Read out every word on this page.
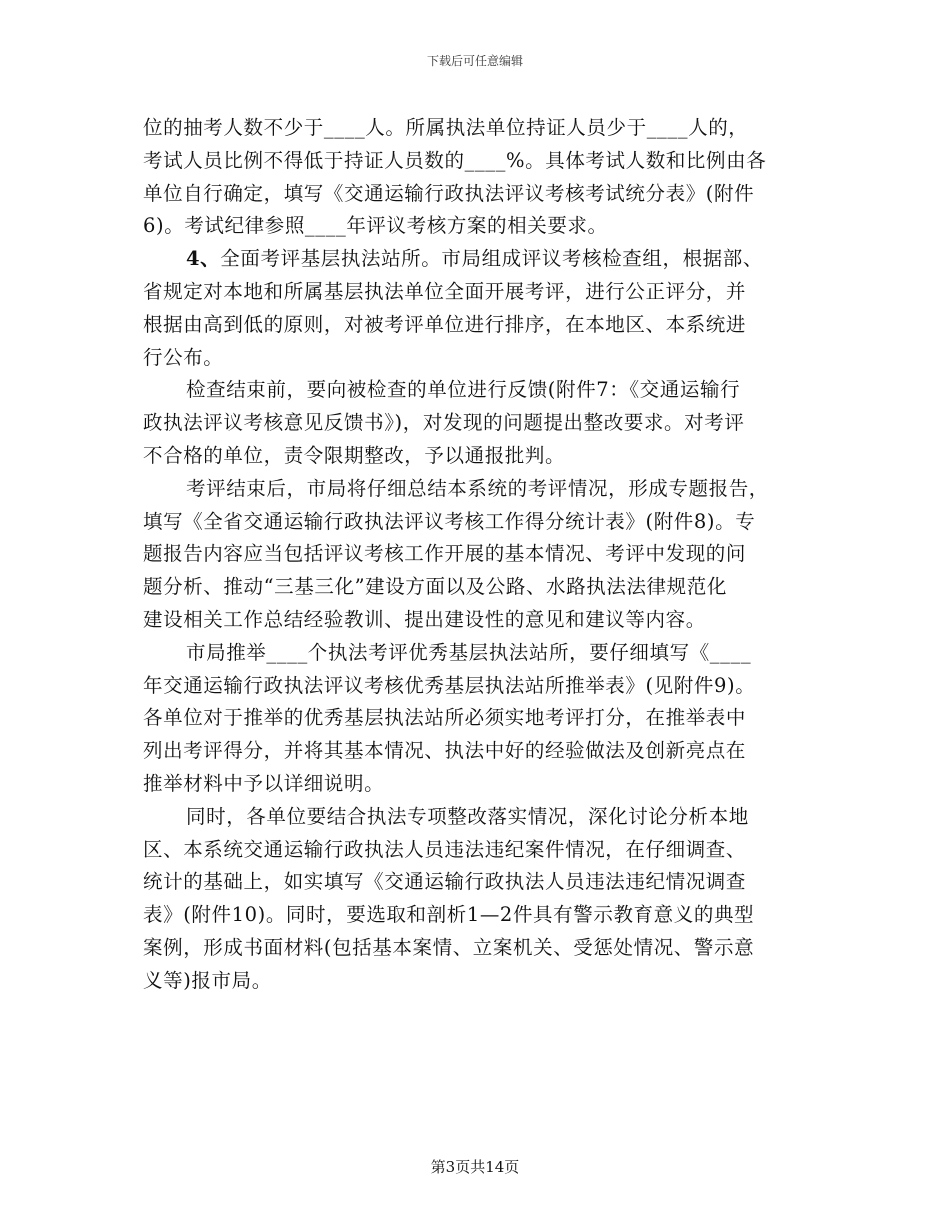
下载后可任意编辑
位的抽考人数不少于____人。所属执法单位持证人员少于____人的，
考试人员比例不得低于持证人员数的____%。具体考试人数和比例由各
单位自行确定，填写《交通运输行政执法评议考核考试统分表》(附件
6)。考试纪律参照____年评议考核方案的相关要求。
4、全面考评基层执法站所。市局组成评议考核检查组，根据部、
省规定对本地和所属基层执法单位全面开展考评，进行公正评分，并
根据由高到低的原则，对被考评单位进行排序，在本地区、本系统进
行公布。
检查结束前，要向被检查的单位进行反馈(附件7：《交通运输行
政执法评议考核意见反馈书》)，对发现的问题提出整改要求。对考评
不合格的单位，责令限期整改，予以通报批判。
考评结束后，市局将仔细总结本系统的考评情况，形成专题报告，
填写《全省交通运输行政执法评议考核工作得分统计表》(附件8)。专
题报告内容应当包括评议考核工作开展的基本情况、考评中发现的问
题分析、推动“三基三化”建设方面以及公路、水路执法法律规范化
建设相关工作总结经验教训、提出建设性的意见和建议等内容。
市局推举____个执法考评优秀基层执法站所，要仔细填写《____
年交通运输行政执法评议考核优秀基层执法站所推举表》(见附件9)。
各单位对于推举的优秀基层执法站所必须实地考评打分，在推举表中
列出考评得分，并将其基本情况、执法中好的经验做法及创新亮点在
推举材料中予以详细说明。
同时，各单位要结合执法专项整改落实情况，深化讨论分析本地
区、本系统交通运输行政执法人员违法违纪案件情况，在仔细调查、
统计的基础上，如实填写《交通运输行政执法人员违法违纪情况调查
表》(附件10)。同时，要选取和剖析1—2件具有警示教育意义的典型
案例，形成书面材料(包括基本案情、立案机关、受惩处情况、警示意
义等)报市局。
第3页共14页
